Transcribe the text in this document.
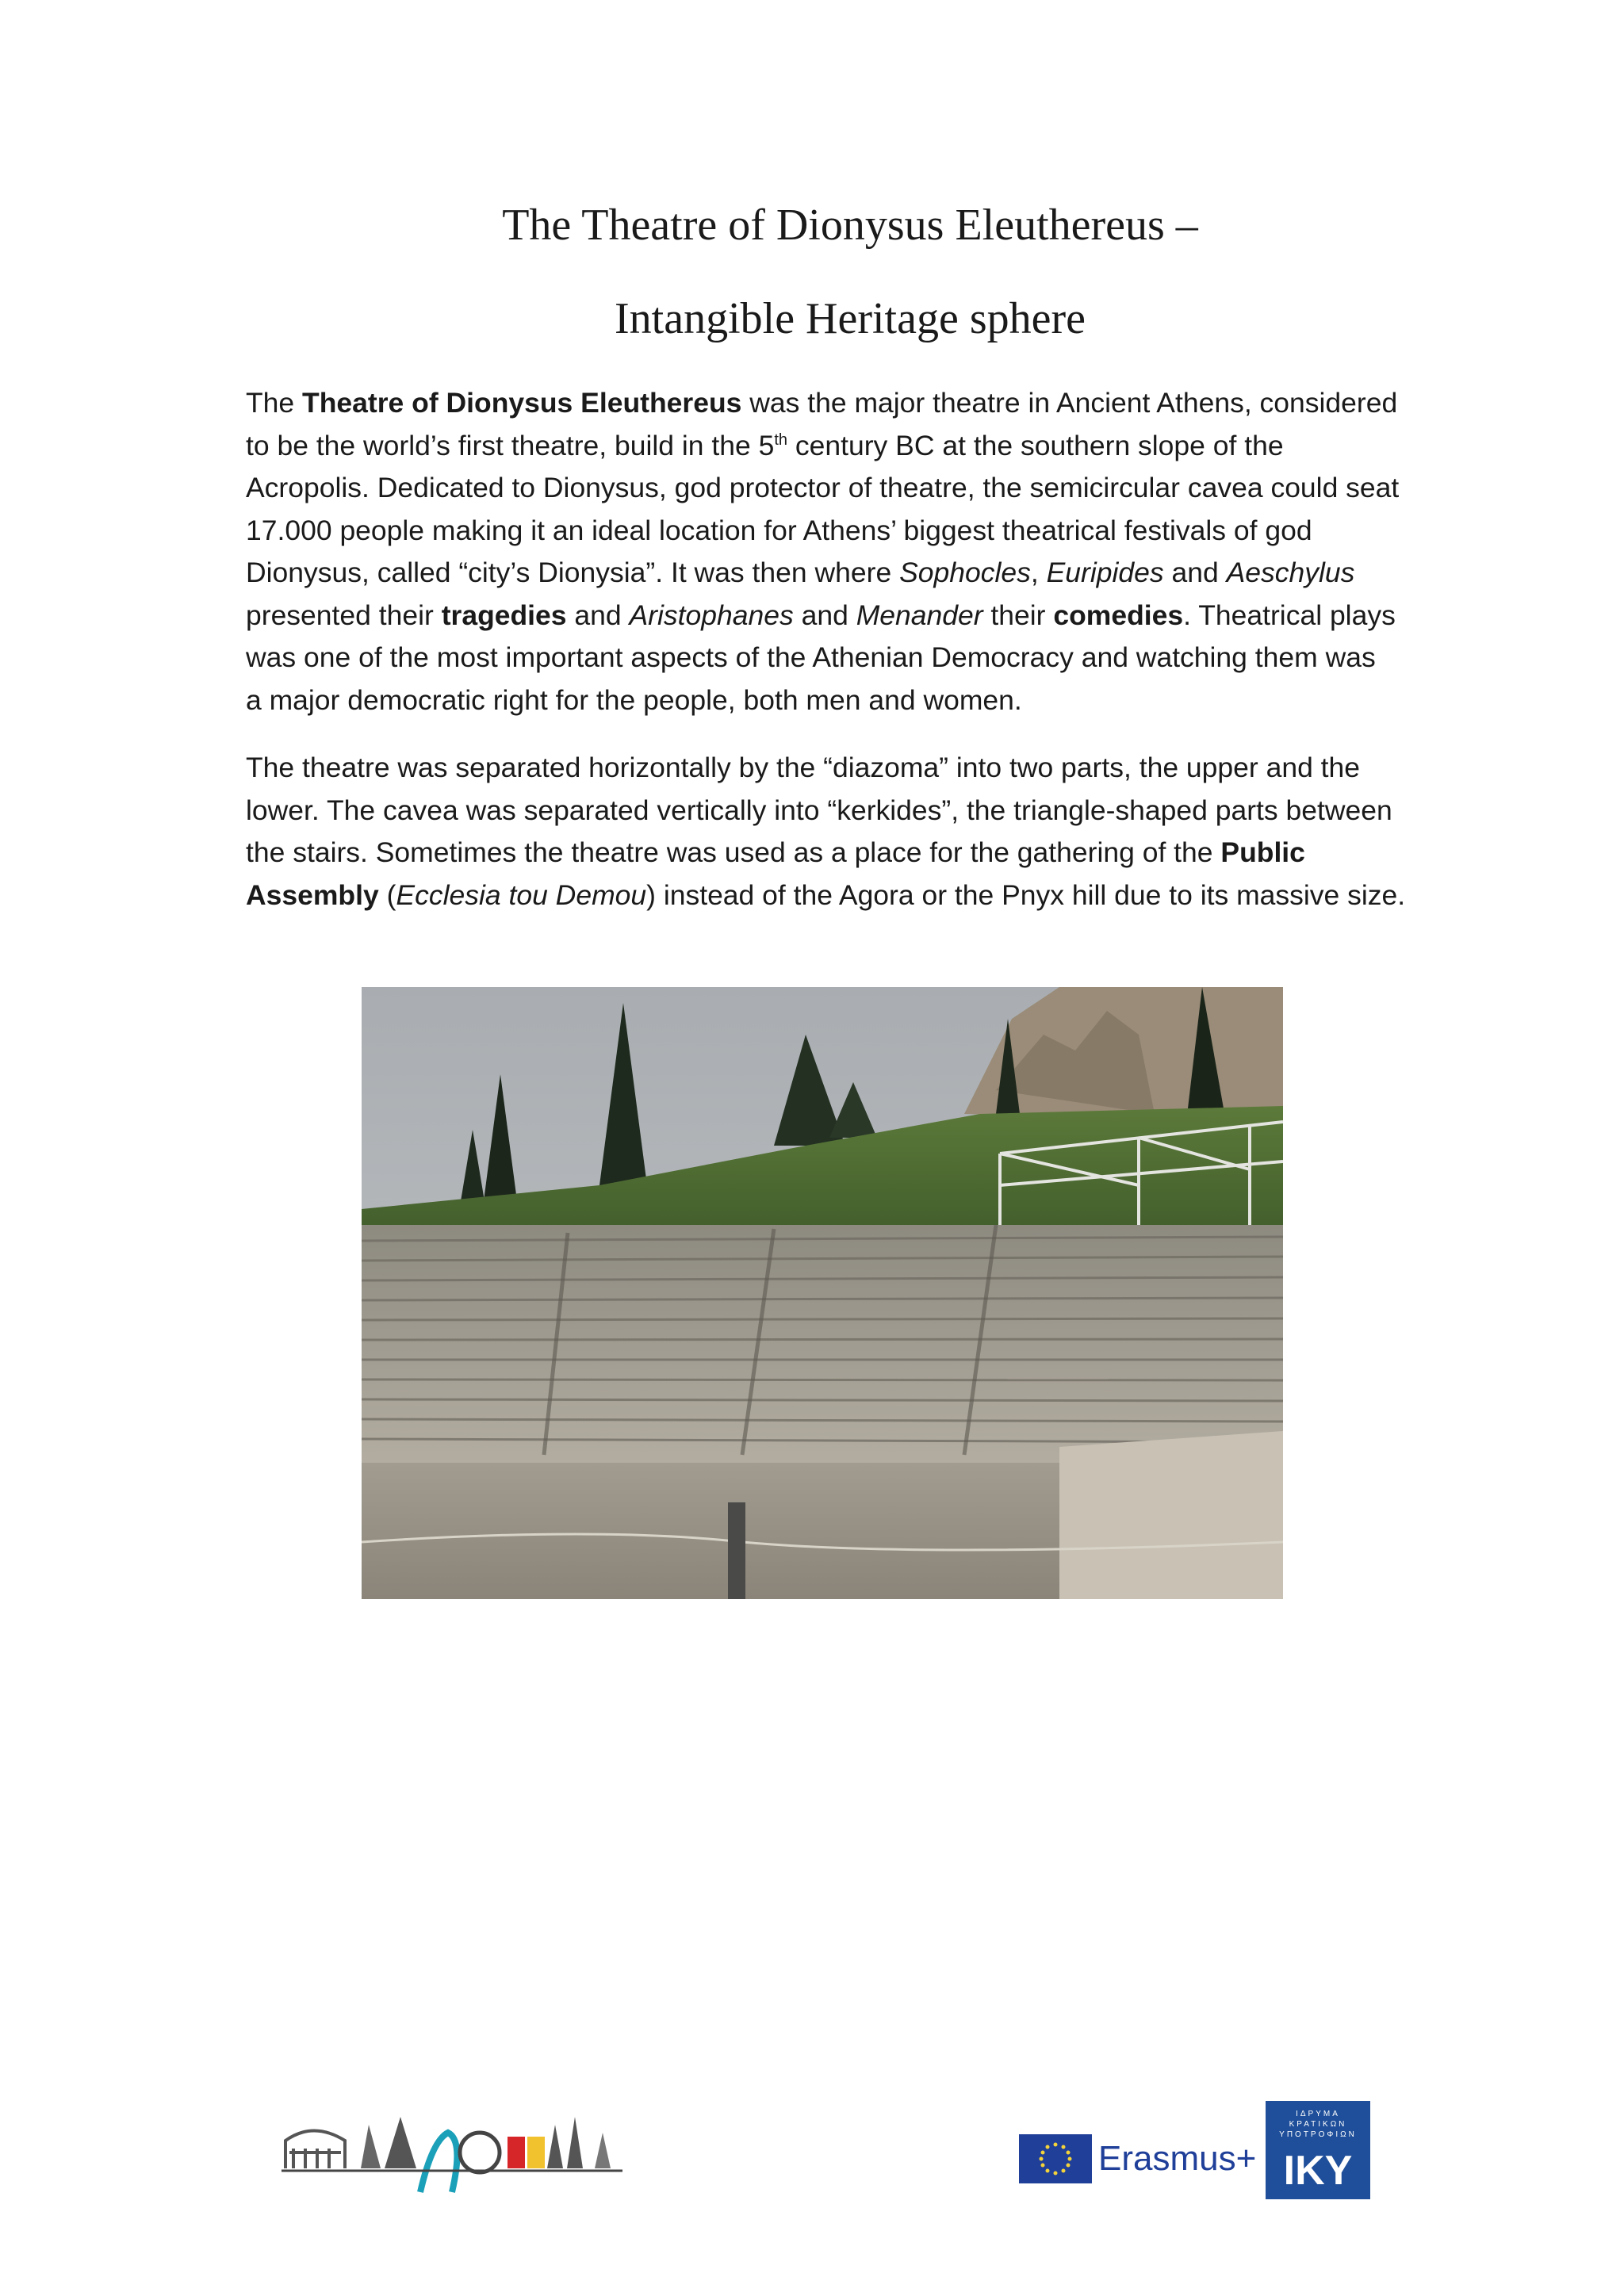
The Theatre of Dionysus Eleuthereus –
Intangible Heritage sphere
The Theatre of Dionysus Eleuthereus was the major theatre in Ancient Athens, considered
to be the world’s first theatre, build in the 5th century BC at the southern slope of the
Acropolis. Dedicated to Dionysus, god protector of theatre, the semicircular cavea could seat
17.000 people making it an ideal location for Athens’ biggest theatrical festivals of god
Dionysus, called “city’s Dionysia”. It was then where Sophocles, Euripides and Aeschylus
presented their tragedies and Aristophanes and Menander their comedies. Theatrical plays
was one of the most important aspects of the Athenian Democracy and watching them was
a major democratic right for the people, both men and women.
The theatre was separated horizontally by the “diazoma” into two parts, the upper and the
lower. The cavea was separated vertically into “kerkides”, the triangle-shaped parts between
the stairs. Sometimes the theatre was used as a place for the gathering of the Public
Assembly (Ecclesia tou Demou) instead of the Agora or the Pnyx hill due to its massive size.
Erasmus+
ΙΔΡΥΜΑ
ΚΡΑΤΙΚΩΝ
ΥΠΟΤΡΟΦΙΩΝ
IKY
